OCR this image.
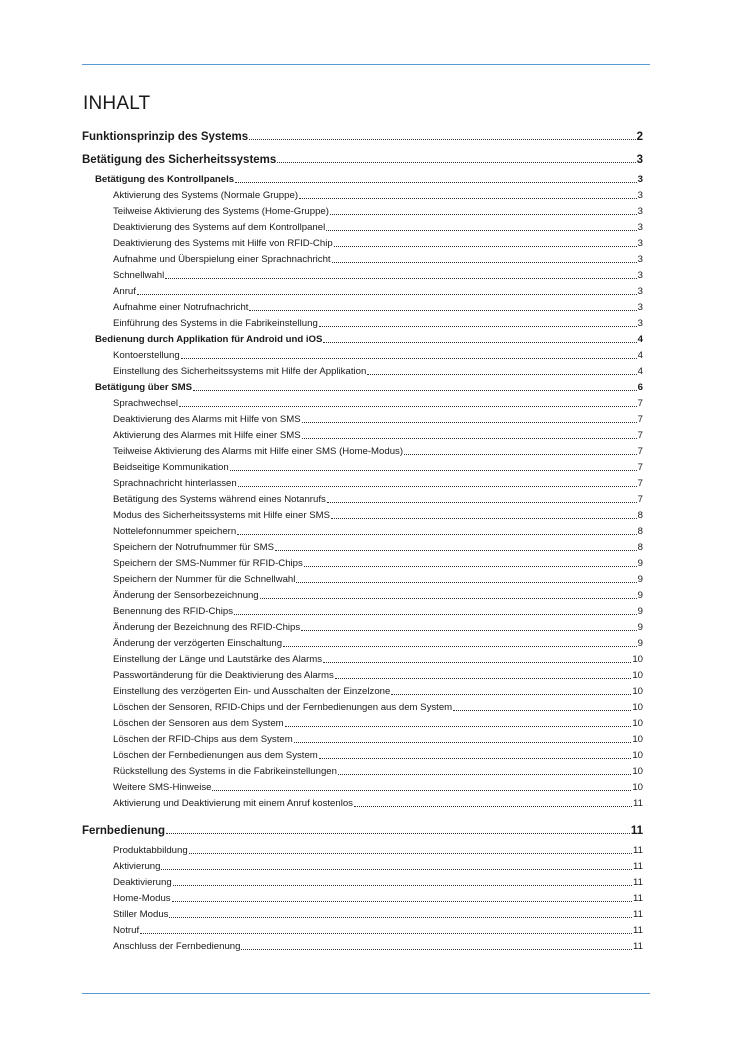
INHALT
Funktionsprinzip des Systems	2
Betätigung des Sicherheitssystems	3
Betätigung des Kontrollpanels	3
Aktivierung des Systems (Normale Gruppe)	3
Teilweise Aktivierung des Systems (Home-Gruppe)	3
Deaktivierung des Systems auf dem Kontrollpanel	3
Deaktivierung des Systems mit Hilfe von RFID-Chip	3
Aufnahme und Überspielung einer Sprachnachricht	3
Schnellwahl	3
Anruf	3
Aufnahme einer Notrufnachricht	3
Einführung des Systems in die Fabrikeinstellung	3
Bedienung durch Applikation für Android und iOS	4
Kontoerstellung	4
Einstellung des Sicherheitssystems mit Hilfe der Applikation	4
Betätigung über SMS	6
Sprachwechsel	7
Deaktivierung des Alarms mit Hilfe von SMS	7
Aktivierung des Alarmes mit Hilfe einer SMS	7
Teilweise Aktivierung des Alarms mit Hilfe einer SMS (Home-Modus)	7
Beidseitige Kommunikation	7
Sprachnachricht hinterlassen	7
Betätigung des Systems während eines Notanrufs	7
Modus des Sicherheitssystems mit Hilfe einer SMS	8
Nottelefonnummer speichern	8
Speichern der Notrufnummer für SMS	8
Speichern der SMS-Nummer für RFID-Chips	9
Speichern der Nummer für die Schnellwahl	9
Änderung der Sensorbezeichnung	9
Benennung des RFID-Chips	9
Änderung der Bezeichnung des RFID-Chips	9
Änderung der verzögerten Einschaltung	9
Einstellung der Länge und Lautstärke des Alarms	10
Passwortänderung für die Deaktivierung des Alarms	10
Einstellung des verzögerten Ein- und Ausschalten der Einzelzone	10
Löschen der Sensoren, RFID-Chips und der Fernbedienungen aus dem System	10
Löschen der Sensoren aus dem System	10
Löschen der RFID-Chips aus dem System	10
Löschen der Fernbedienungen aus dem System	10
Rückstellung des Systems in die Fabrikeinstellungen	10
Weitere SMS-Hinweise	10
Aktivierung und Deaktivierung mit einem Anruf kostenlos	11
Fernbedienung	11
Produktabbildung	11
Aktivierung	11
Deaktivierung	11
Home-Modus	11
Stiller Modus	11
Notruf	11
Anschluss der Fernbedienung	11
